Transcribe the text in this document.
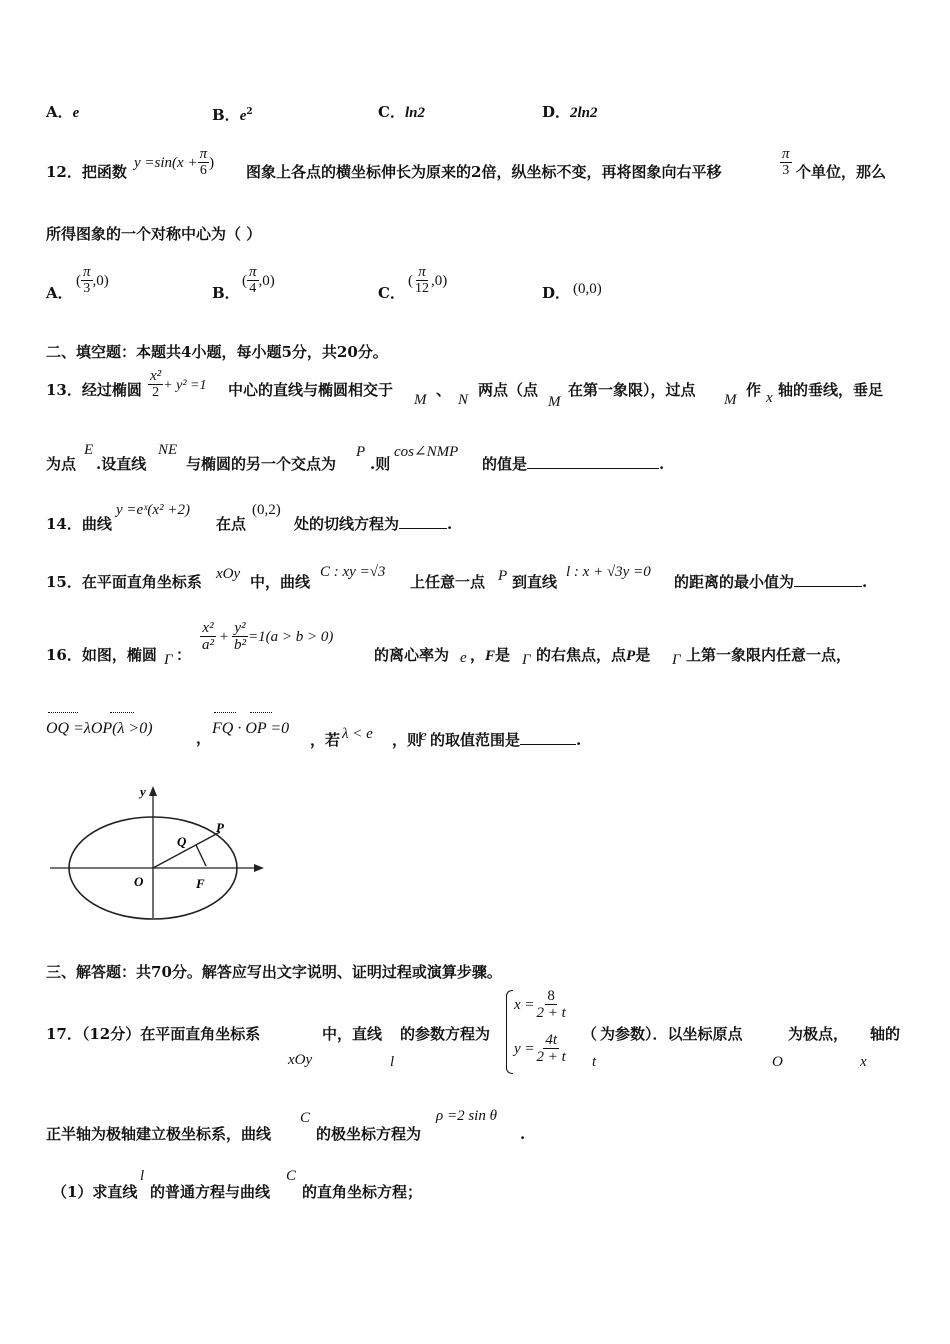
A．e	B．$e^2$	C．ln2	D．2ln2
12．把函数 $y =\sin(x + \frac{\pi}{6}$ ) 图象上各点的横坐标伸长为原来的2倍，纵坐标不变，再将图象向右平移	$\frac{\pi}{3}$ 个单位，那么
所得图象的一个对称中心为（ ）
A．
( $\frac{\pi}{3} ,0$)
B．
( $\frac{\pi}{4} ,0$)
C．
( $\frac{\pi}{12} ,0$)
D． (0,0)
二、填空题：本题共4小题，每小题5分，共20分。
13．经过椭圆 $\frac{\text{x²}}{2} + y^2 =1$ 中心的直线与椭圆相交于
M
、
N
两点（点
M
在第一象限），过点
M
作 x 轴的垂线，垂足
为点
E
.设直线
NE
与椭圆的另一个交点为
P
.则
cos∠NMP
的值是	.
14．曲线
y =eˣ(x² +2)
在点
(0,2)
处的切线方程为	.
15．在平面直角坐标系 xOy 中，曲线
C : xy =√3
上任意一点 P 到直线
l : x + √3y =0
的距离的最小值为	.
16．如图，椭圆 Γ ：
$\frac{\text{x²}}{\text{a²}} + \frac{\text{y²}}{\text{b²}} =1(a > b > 0)$
的离心率为 e ，F是 Γ 的右焦点，点P是 Γ 上第一象限内任意一点，
OQ =λOP(λ >0)
，
FQ · OP =0
，若 λ < e ，则
e 的取值范围是	.
y
O
Q
P
F
三、解答题：共70分。解答应写出文字说明、证明过程或演算步骤。
17．（12分）在平面直角坐标系
xOy
中，直线
l
的参数方程为
$x = \frac{8}{2 + t}$
$y = \frac{4t}{2 + t}$ （
t
为参数）．以坐标原点
O
为极点，
x
轴的
正半轴为极轴建立极坐标系，曲线
C
的极坐标方程为
ρ =2 sin θ
.
（1）求直线
l
的普通方程与曲线
C
的直角坐标方程；
